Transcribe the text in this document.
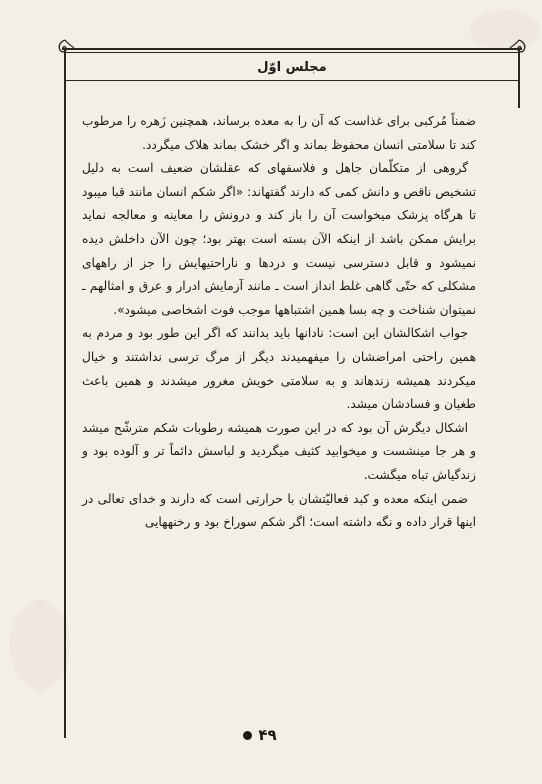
مجلس اوّل

ضمناً مُرکبی برای غذاست که آن را به معده برساند، همچنین زَهره را مرطوب کند تا سلامتی انسان محفوظ بماند و اگر خشک بماند هلاک میگردد.

گروهی از متکلّمان جاهل و فلاسفهای که عقلشان ضعیف است به دلیل تشخیص ناقص و دانش کمی که دارند گفتهاند: «اگر شکم انسان مانند قبا میبود تا هرگاه پزشک میخواست آن را باز کند و درونش را معاینه و معالجه نماید برایش ممکن باشد از اینکه الآن بسته است بهتر بود؛ چون الآن داخلش دیده نمیشود و قابل دسترسی نیست و دردها و ناراحتیهایش را جز از راههای مشکلی که حتّی گاهی غلط انداز است ـ مانند آزمایش ادرار و عرق و امثالهم ـ نمیتوان شناخت و چه بسا همین اشتباهها موجب فوت اشخاصی میشود».

جواب اشکالشان این است: نادانها باید بدانند که اگر این طور بود و مردم به همین راحتی امراضشان را میفهمیدند دیگر از مرگ ترسی نداشتند و خیال میکردند همیشه زندهاند و به سلامتی خویش مغرور میشدند و همین باعث طغیان و فسادشان میشد.

اشکال دیگرش آن بود که در این صورت همیشه رطوبات شکم مترشّح میشد و هر جا مینشست و میخوابید کثیف میگردید و لباسش دائماً تر و آلوده بود و زندگیاش تباه میگشت.

ضمن اینکه معده و کبد فعالیّتشان با حرارتی است که دارند و خدای تعالی در اینها قرار داده و نگه داشته است؛ اگر شکم سوراخ بود و رخنههایی

۴۹
